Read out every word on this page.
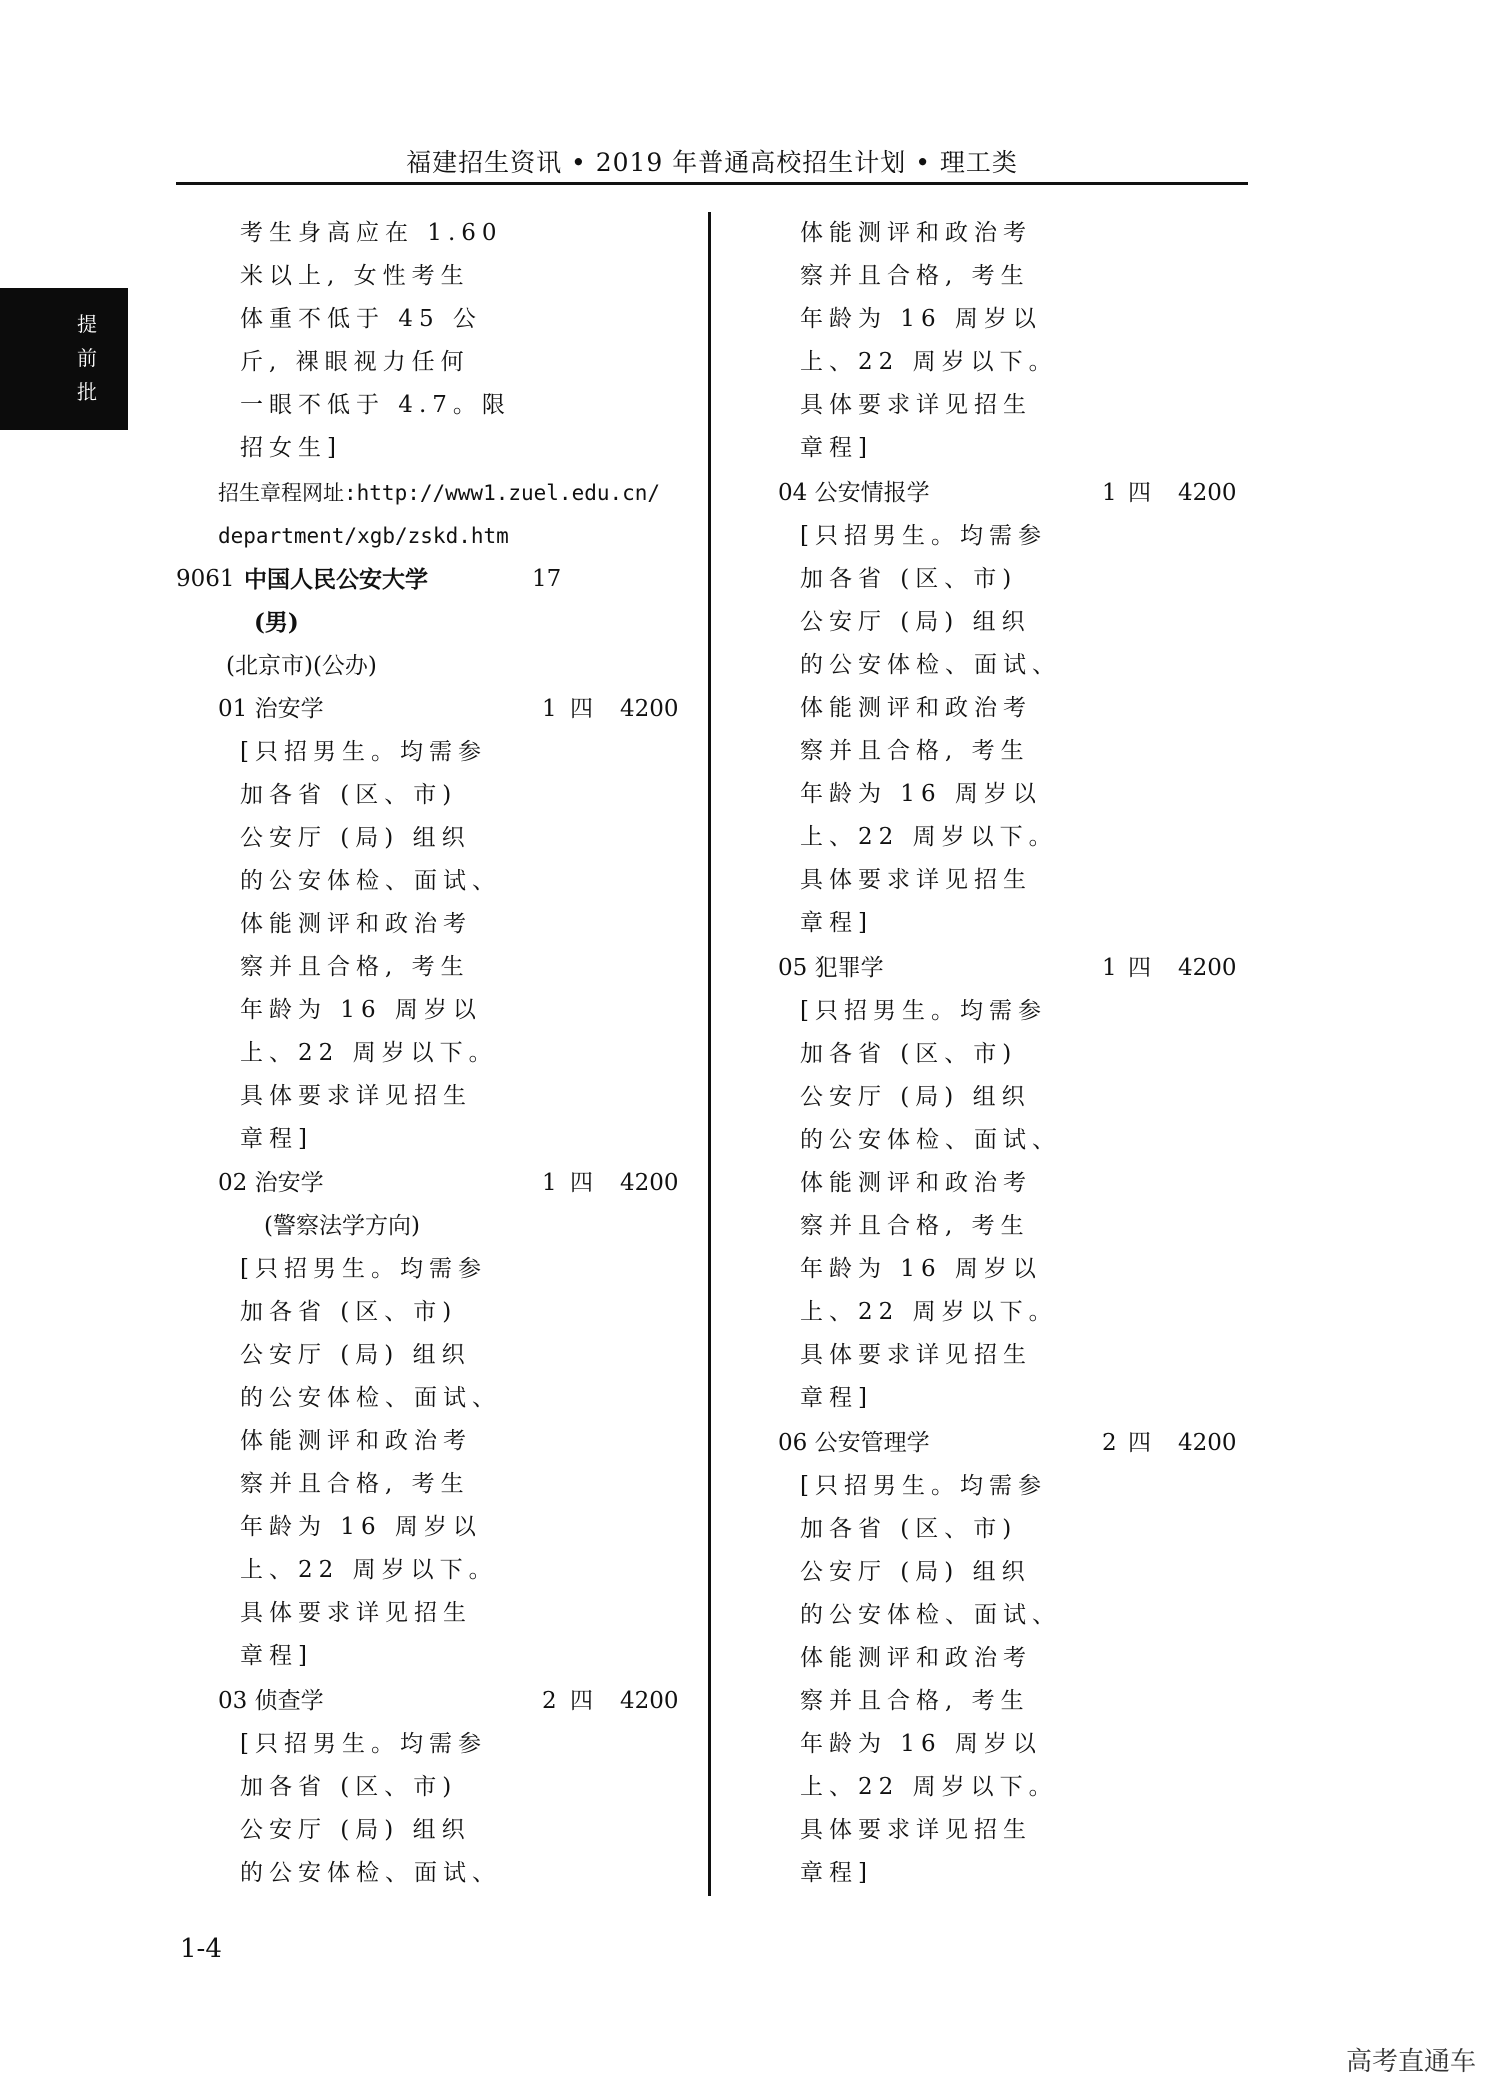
福建招生资讯 • 2019 年普通高校招生计划 • 理工类
提
前
批
考生身高应在 1.60
米以上, 女性考生
体重不低于 45 公
斤, 裸眼视力任何
一眼不低于 4.7。限
招女生]
招生章程网址:http://www1.zuel.edu.cn/
department/xgb/zskd.htm
9061 中国人民公安大学	17
(男)
(北京市)(公办)
01 治安学	1 四 4200
[只招男生。均需参
加各省 (区、市)
公安厅 (局) 组织
的公安体检、面试、
体能测评和政治考
察并且合格, 考生
年龄为 16 周岁以
上、22 周岁以下。
具体要求详见招生
章程]
02 治安学	1 四 4200
(警察法学方向)
[只招男生。均需参
加各省 (区、市)
公安厅 (局) 组织
的公安体检、面试、
体能测评和政治考
察并且合格, 考生
年龄为 16 周岁以
上、22 周岁以下。
具体要求详见招生
章程]
03 侦查学	2 四 4200
[只招男生。均需参
加各省 (区、市)
公安厅 (局) 组织
的公安体检、面试、
体能测评和政治考
察并且合格, 考生
年龄为 16 周岁以
上、22 周岁以下。
具体要求详见招生
章程]
04 公安情报学	1 四 4200
[只招男生。均需参
加各省 (区、市)
公安厅 (局) 组织
的公安体检、面试、
体能测评和政治考
察并且合格, 考生
年龄为 16 周岁以
上、22 周岁以下。
具体要求详见招生
章程]
05 犯罪学	1 四 4200
[只招男生。均需参
加各省 (区、市)
公安厅 (局) 组织
的公安体检、面试、
体能测评和政治考
察并且合格, 考生
年龄为 16 周岁以
上、22 周岁以下。
具体要求详见招生
章程]
06 公安管理学	2 四 4200
[只招男生。均需参
加各省 (区、市)
公安厅 (局) 组织
的公安体检、面试、
体能测评和政治考
察并且合格, 考生
年龄为 16 周岁以
上、22 周岁以下。
具体要求详见招生
章程]
1-4
高考直通车
